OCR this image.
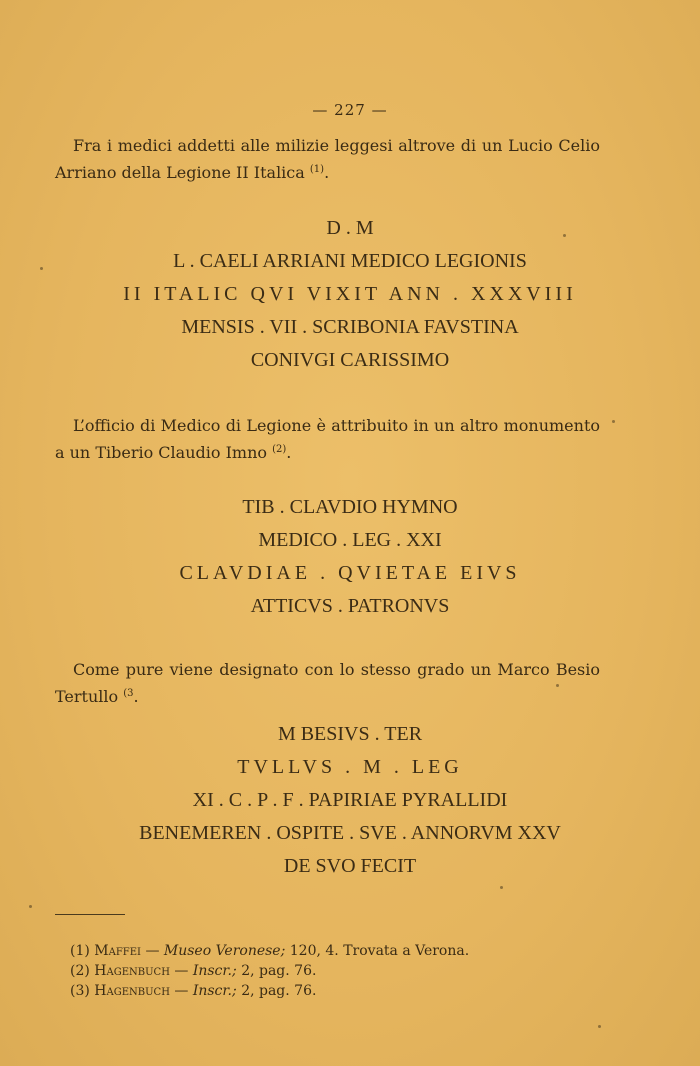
— 227 —
Fra i medici addetti alle milizie leggesi altrove di un Lucio Celio Arriano della Legione II Italica $^{(1)}$.
D . M
L . CAELI ARRIANI MEDICO LEGIONIS
II ITALIC QVI VIXIT ANN . XXXVIII
MENSIS . VII . SCRIBONIA FAVSTINA
CONIVGI CARISSIMO
L’officio di Medico di Legione è attribuito in un altro monumento a un Tiberio Claudio Imno $^{(2)}$.
TIB . CLAVDIO HYMNO
MEDICO . LEG . XXI
CLAVDIAE . QVIETAE EIVS
ATTICVS . PATRONVS
Come pure viene designato con lo stesso grado un Marco Besio Tertullo $^{(3}$.
M BESIVS . TER
TVLLVS . M . LEG
XI . C . P . F . PAPIRIAE PYRALLIDI
BENEMEREN . OSPITE . SVE . ANNORVM XXV
DE SVO FECIT
(1) Maffei — Museo Veronese; 120, 4. Trovata a Verona.
(2) Hagenbuch — Inscr.; 2, pag. 76.
(3) Hagenbuch — Inscr.; 2, pag. 76.
